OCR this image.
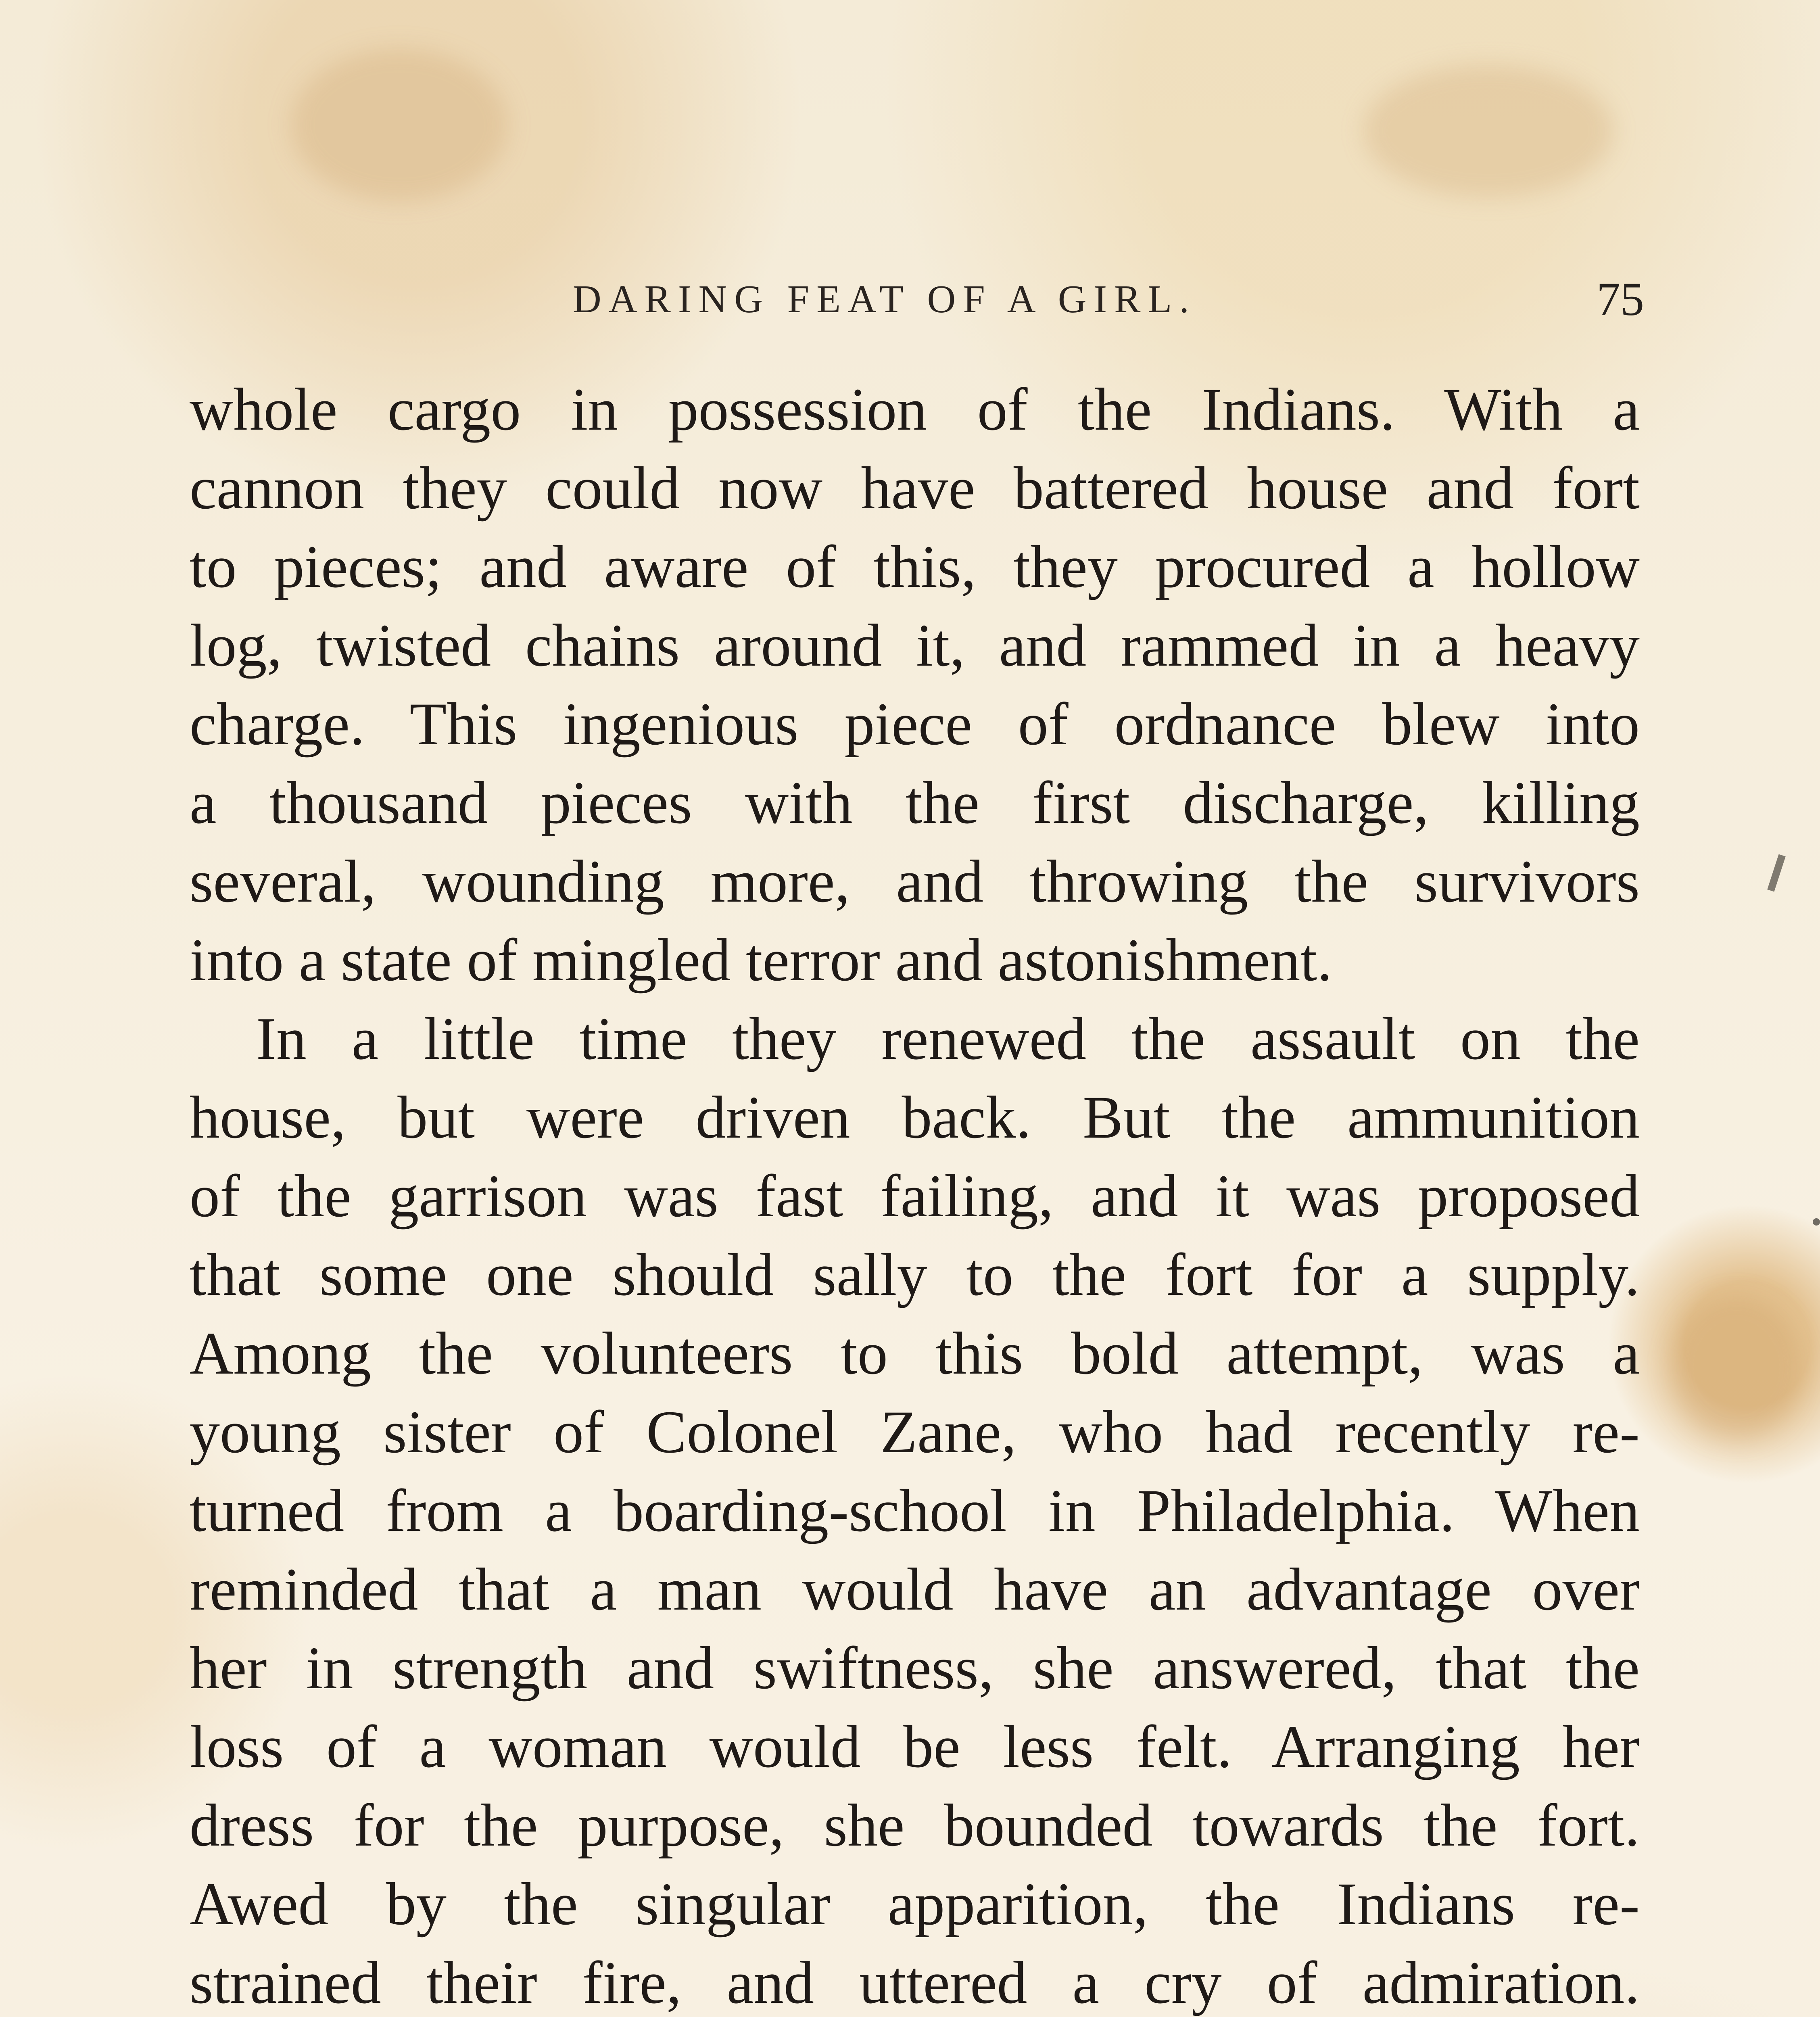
DARING FEAT OF A GIRL.	75
whole cargo in possession of the Indians. With a
cannon they could now have battered house and fort
to pieces; and aware of this, they procured a hollow
log, twisted chains around it, and rammed in a heavy
charge. This ingenious piece of ordnance blew into
a thousand pieces with the first discharge, killing
several, wounding more, and throwing the survivors
into a state of mingled terror and astonishment.
In a little time they renewed the assault on the
house, but were driven back. But the ammunition
of the garrison was fast failing, and it was proposed
that some one should sally to the fort for a supply.
Among the volunteers to this bold attempt, was a
young sister of Colonel Zane, who had recently re-
turned from a boarding-school in Philadelphia. When
reminded that a man would have an advantage over
her in strength and swiftness, she answered, that the
loss of a woman would be less felt. Arranging her
dress for the purpose, she bounded towards the fort.
Awed by the singular apparition, the Indians re-
strained their fire, and uttered a cry of admiration.
